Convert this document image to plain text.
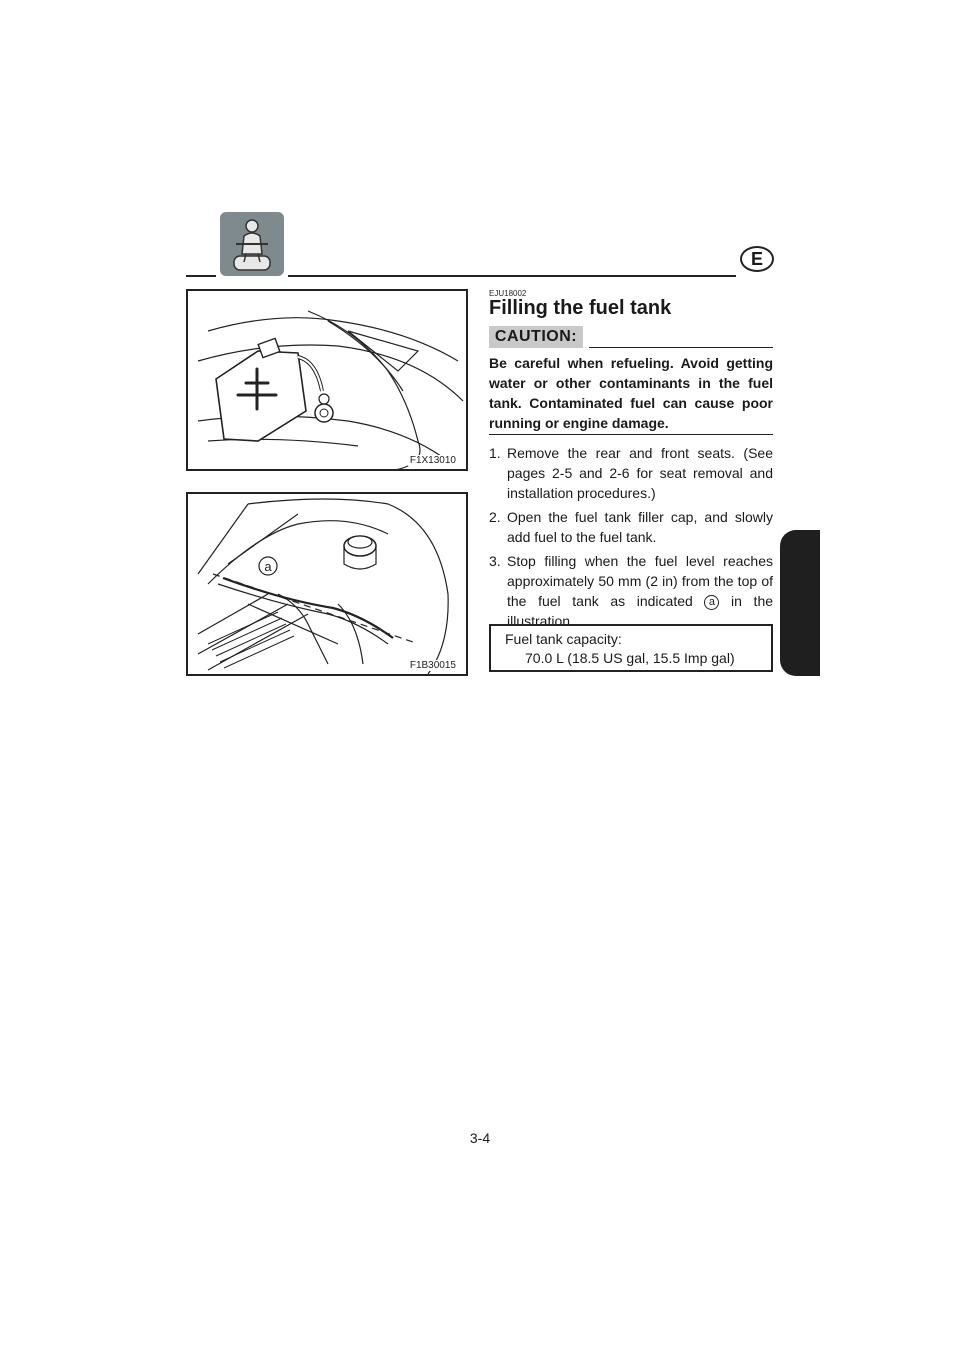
E
F1X13010
a
F1B30015
EJU18002
Filling the fuel tank
CAUTION:

Be careful when refueling. Avoid getting water or other contaminants in the fuel tank. Contaminated fuel can cause poor running or engine damage.

1. Remove the rear and front seats. (See pages 2-5 and 2-6 for seat removal and installation procedures.)
2. Open the fuel tank filler cap, and slowly add fuel to the fuel tank.
3. Stop filling when the fuel level reaches approximately 50 mm (2 in) from the top of the fuel tank as indicated a in the illustration.
Fuel tank capacity:
70.0 L (18.5 US gal, 15.5 Imp gal)
3-4
